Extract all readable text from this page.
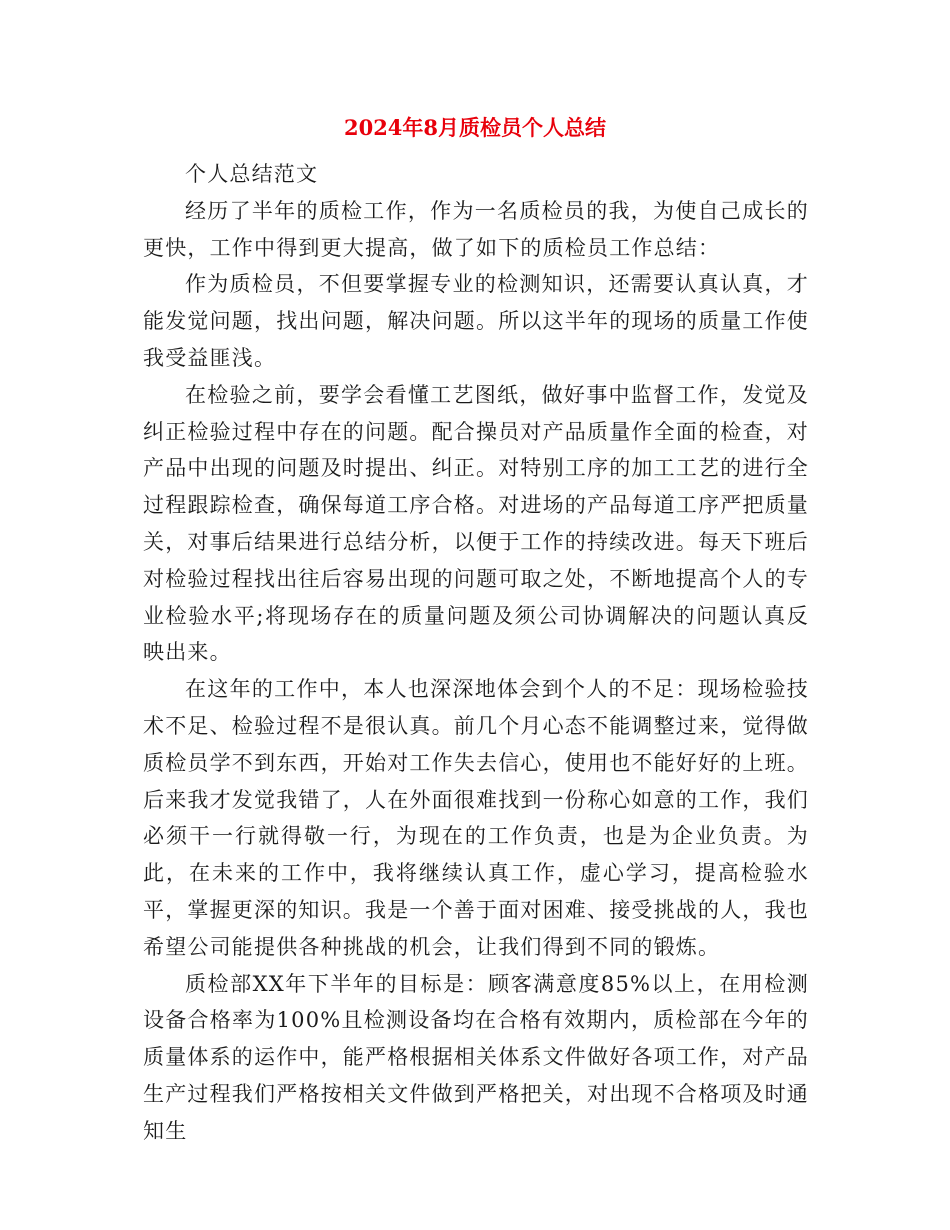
2024年8月质检员个人总结

个人总结范文

经历了半年的质检工作，作为一名质检员的我，为使自己成长的更快，工作中得到更大提高，做了如下的质检员工作总结：

作为质检员，不但要掌握专业的检测知识，还需要认真认真，才能发觉问题，找出问题，解决问题。所以这半年的现场的质量工作使我受益匪浅。

在检验之前，要学会看懂工艺图纸，做好事中监督工作，发觉及纠正检验过程中存在的问题。配合操员对产品质量作全面的检查，对产品中出现的问题及时提出、纠正。对特别工序的加工工艺的进行全过程跟踪检查，确保每道工序合格。对进场的产品每道工序严把质量关，对事后结果进行总结分析，以便于工作的持续改进。每天下班后对检验过程找出往后容易出现的问题可取之处，不断地提高个人的专业检验水平;将现场存在的质量问题及须公司协调解决的问题认真反映出来。

在这年的工作中，本人也深深地体会到个人的不足：现场检验技术不足、检验过程不是很认真。前几个月心态不能调整过来，觉得做质检员学不到东西，开始对工作失去信心，使用也不能好好的上班。后来我才发觉我错了，人在外面很难找到一份称心如意的工作，我们必须干一行就得敬一行，为现在的工作负责，也是为企业负责。为此，在未来的工作中，我将继续认真工作，虚心学习，提高检验水平，掌握更深的知识。我是一个善于面对困难、接受挑战的人，我也希望公司能提供各种挑战的机会，让我们得到不同的锻炼。

质检部XX年下半年的目标是：顾客满意度85%以上，在用检测设备合格率为100%且检测设备均在合格有效期内，质检部在今年的质量体系的运作中，能严格根据相关体系文件做好各项工作，对产品生产过程我们严格按相关文件做到严格把关，对出现不合格项及时通知生
